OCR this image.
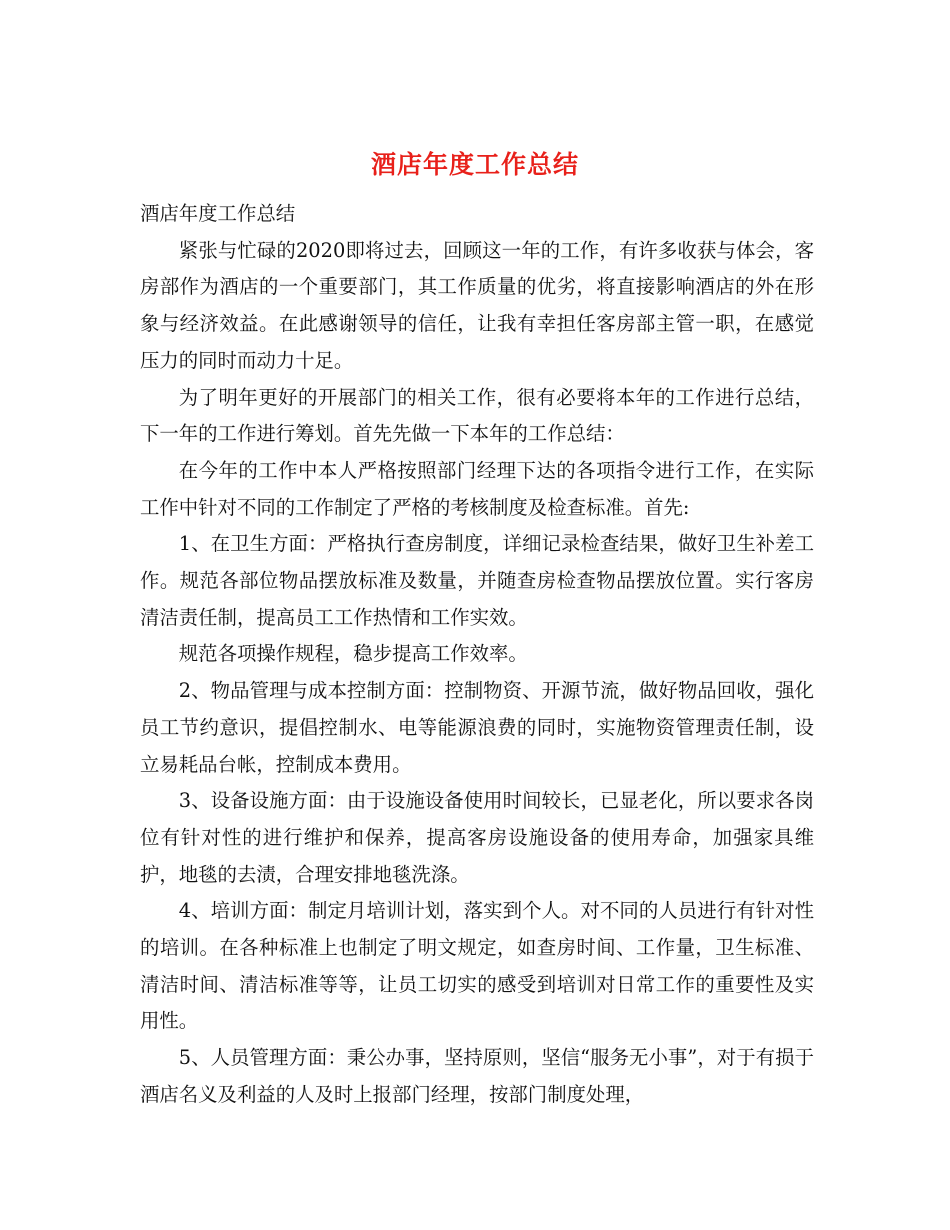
酒店年度工作总结

酒店年度工作总结

紧张与忙碌的2020即将过去，回顾这一年的工作，有许多收获与体会，客房部作为酒店的一个重要部门，其工作质量的优劣，将直接影响酒店的外在形象与经济效益。在此感谢领导的信任，让我有幸担任客房部主管一职，在感觉压力的同时而动力十足。

为了明年更好的开展部门的相关工作，很有必要将本年的工作进行总结，下一年的工作进行筹划。首先先做一下本年的工作总结：

在今年的工作中本人严格按照部门经理下达的各项指令进行工作，在实际工作中针对不同的工作制定了严格的考核制度及检查标准。首先:

1、在卫生方面：严格执行查房制度，详细记录检查结果，做好卫生补差工作。规范各部位物品摆放标准及数量，并随查房检查物品摆放位置。实行客房清洁责任制，提高员工工作热情和工作实效。

规范各项操作规程，稳步提高工作效率。

2、物品管理与成本控制方面：控制物资、开源节流，做好物品回收，强化员工节约意识，提倡控制水、电等能源浪费的同时，实施物资管理责任制，设立易耗品台帐，控制成本费用。

3、设备设施方面：由于设施设备使用时间较长，已显老化，所以要求各岗位有针对性的进行维护和保养，提高客房设施设备的使用寿命，加强家具维护，地毯的去渍，合理安排地毯洗涤。

4、培训方面：制定月培训计划，落实到个人。对不同的人员进行有针对性的培训。在各种标准上也制定了明文规定，如查房时间、工作量，卫生标准、清洁时间、清洁标准等等，让员工切实的感受到培训对日常工作的重要性及实用性。

5、人员管理方面：秉公办事，坚持原则，坚信“服务无小事”，对于有损于酒店名义及利益的人及时上报部门经理，按部门制度处理，
